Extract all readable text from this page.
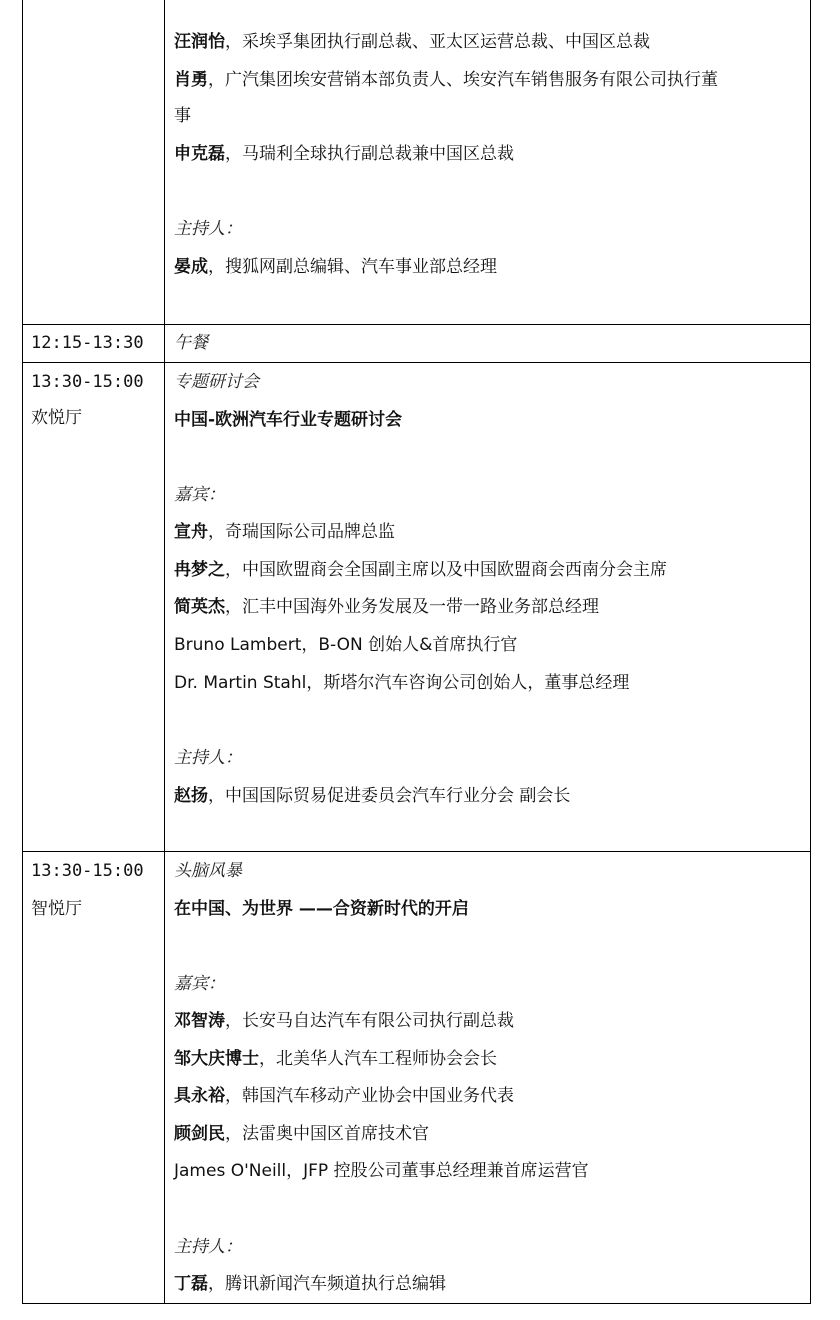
汪润怡，采埃孚集团执行副总裁、亚太区运营总裁、中国区总裁
肖勇，广汽集团埃安营销本部负责人、埃安汽车销售服务有限公司执行董
事
申克磊，马瑞利全球执行副总裁兼中国区总裁
主持人：
晏成，搜狐网副总编辑、汽车事业部总经理
12:15-13:30 午餐
13:30-15:00
欢悦厅
专题研讨会
中国-欧洲汽车行业专题研讨会
嘉宾：
宣舟，奇瑞国际公司品牌总监
冉梦之，中国欧盟商会全国副主席以及中国欧盟商会西南分会主席
简英杰，汇丰中国海外业务发展及一带一路业务部总经理
Bruno Lambert，B-ON 创始人&首席执行官
Dr. Martin Stahl，斯塔尔汽车咨询公司创始人，董事总经理
主持人：
赵扬，中国国际贸易促进委员会汽车行业分会 副会长
13:30-15:00
智悦厅
头脑风暴
在中国、为世界 ——合资新时代的开启
嘉宾：
邓智涛，长安马自达汽车有限公司执行副总裁
邹大庆博士，北美华人汽车工程师协会会长
具永裕，韩国汽车移动产业协会中国业务代表
顾剑民，法雷奥中国区首席技术官
James O'Neill，JFP 控股公司董事总经理兼首席运营官
主持人：
丁磊，腾讯新闻汽车频道执行总编辑
